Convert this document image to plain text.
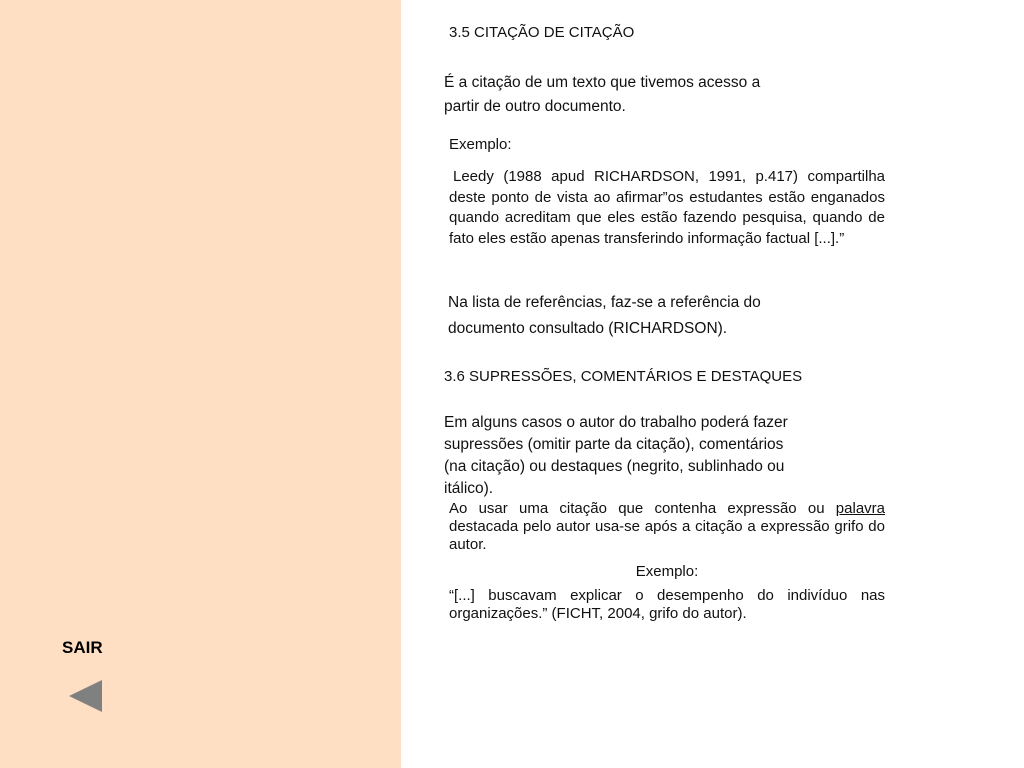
SAIR

3.5 CITAÇÃO DE CITAÇÃO

É a citação de um texto que tivemos acesso a

partir de outro documento.

Exemplo:

Leedy (1988 apud RICHARDSON, 1991, p.417) compartilha deste ponto de vista ao afirmar”os estudantes estão enganados quando acreditam que eles estão fazendo pesquisa, quando de fato eles estão apenas transferindo informação factual [...].”

Na lista de referências, faz-se a referência do

documento consultado (RICHARDSON).

3.6 SUPRESSÕES, COMENTÁRIOS E DESTAQUES

Em alguns casos o autor do trabalho poderá fazer

supressões (omitir parte da citação), comentários

(na citação) ou destaques (negrito, sublinhado ou

itálico).

Ao usar uma citação que contenha expressão ou palavra destacada pelo autor usa-se após a citação a expressão grifo do autor.

Exemplo:

“[...] buscavam explicar o desempenho do indivíduo nas organizações.” (FICHT, 2004, grifo do autor).
